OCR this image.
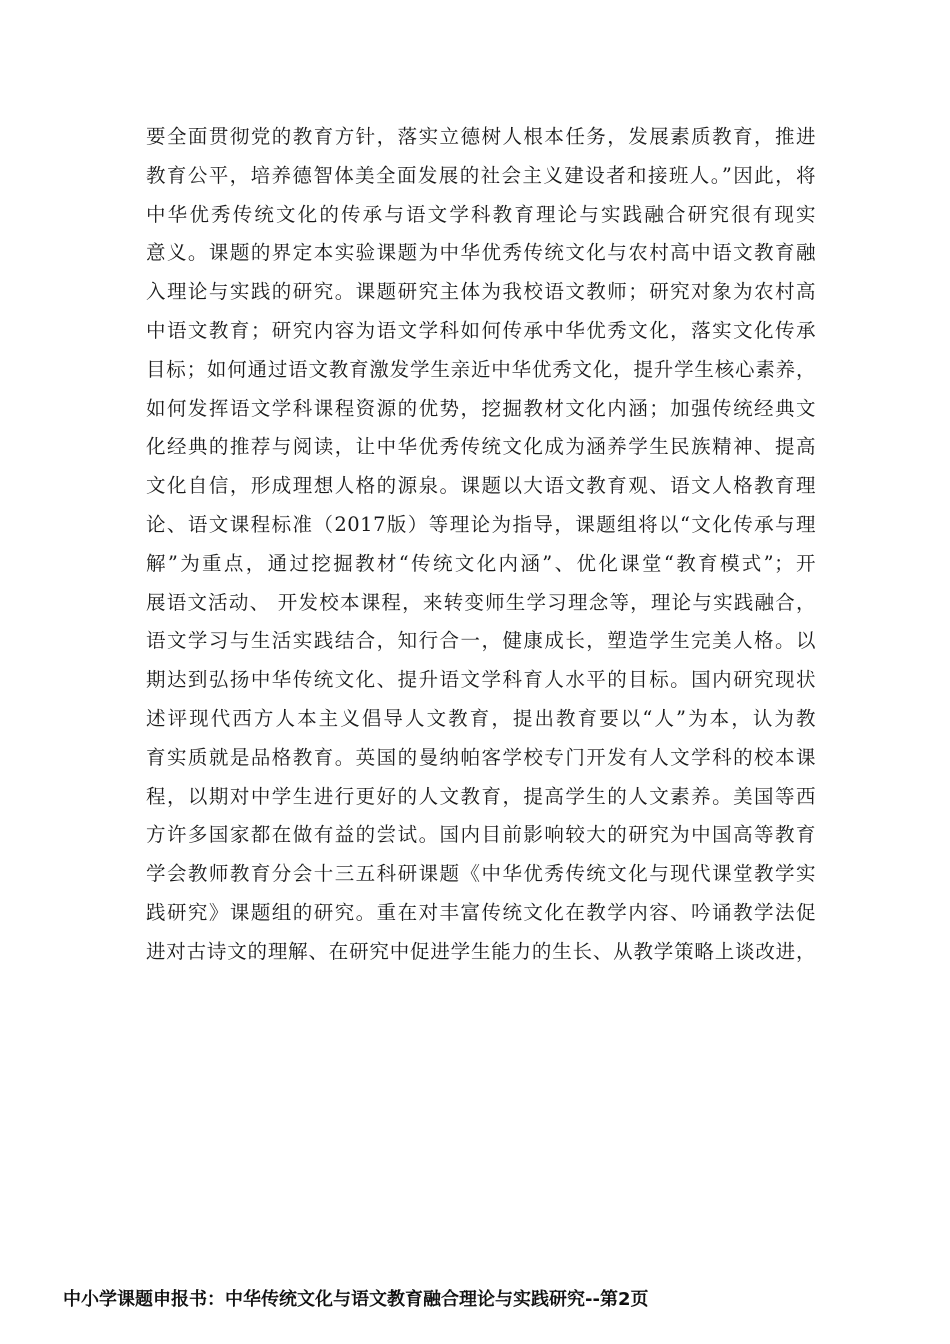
要全面贯彻党的教育方针，落实立德树人根本任务，发展素质教育，推进
教育公平，培养德智体美全面发展的社会主义建设者和接班人。”因此，将
中华优秀传统文化的传承与语文学科教育理论与实践融合研究很有现实
意义。课题的界定本实验课题为中华优秀传统文化与农村高中语文教育融
入理论与实践的研究。课题研究主体为我校语文教师；研究对象为农村高
中语文教育；研究内容为语文学科如何传承中华优秀文化，落实文化传承
目标；如何通过语文教育激发学生亲近中华优秀文化，提升学生核心素养，
如何发挥语文学科课程资源的优势，挖掘教材文化内涵；加强传统经典文
化经典的推荐与阅读，让中华优秀传统文化成为涵养学生民族精神、提高
文化自信，形成理想人格的源泉。课题以大语文教育观、语文人格教育理
论、语文课程标准（2017版）等理论为指导，课题组将以“文化传承与理
解”为重点，通过挖掘教材“传统文化内涵”、优化课堂“教育模式”；开
展语文活动、 开发校本课程，来转变师生学习理念等，理论与实践融合，
语文学习与生活实践结合，知行合一，健康成长，塑造学生完美人格。以
期达到弘扬中华传统文化、提升语文学科育人水平的目标。国内研究现状
述评现代西方人本主义倡导人文教育，提出教育要以“人”为本，认为教
育实质就是品格教育。英国的曼纳帕客学校专门开发有人文学科的校本课
程，以期对中学生进行更好的人文教育，提高学生的人文素养。美国等西
方许多国家都在做有益的尝试。国内目前影响较大的研究为中国高等教育
学会教师教育分会十三五科研课题《中华优秀传统文化与现代课堂教学实
践研究》课题组的研究。重在对丰富传统文化在教学内容、吟诵教学法促
进对古诗文的理解、在研究中促进学生能力的生长、从教学策略上谈改进，
中小学课题申报书：中华传统文化与语文教育融合理论与实践研究--第2页
